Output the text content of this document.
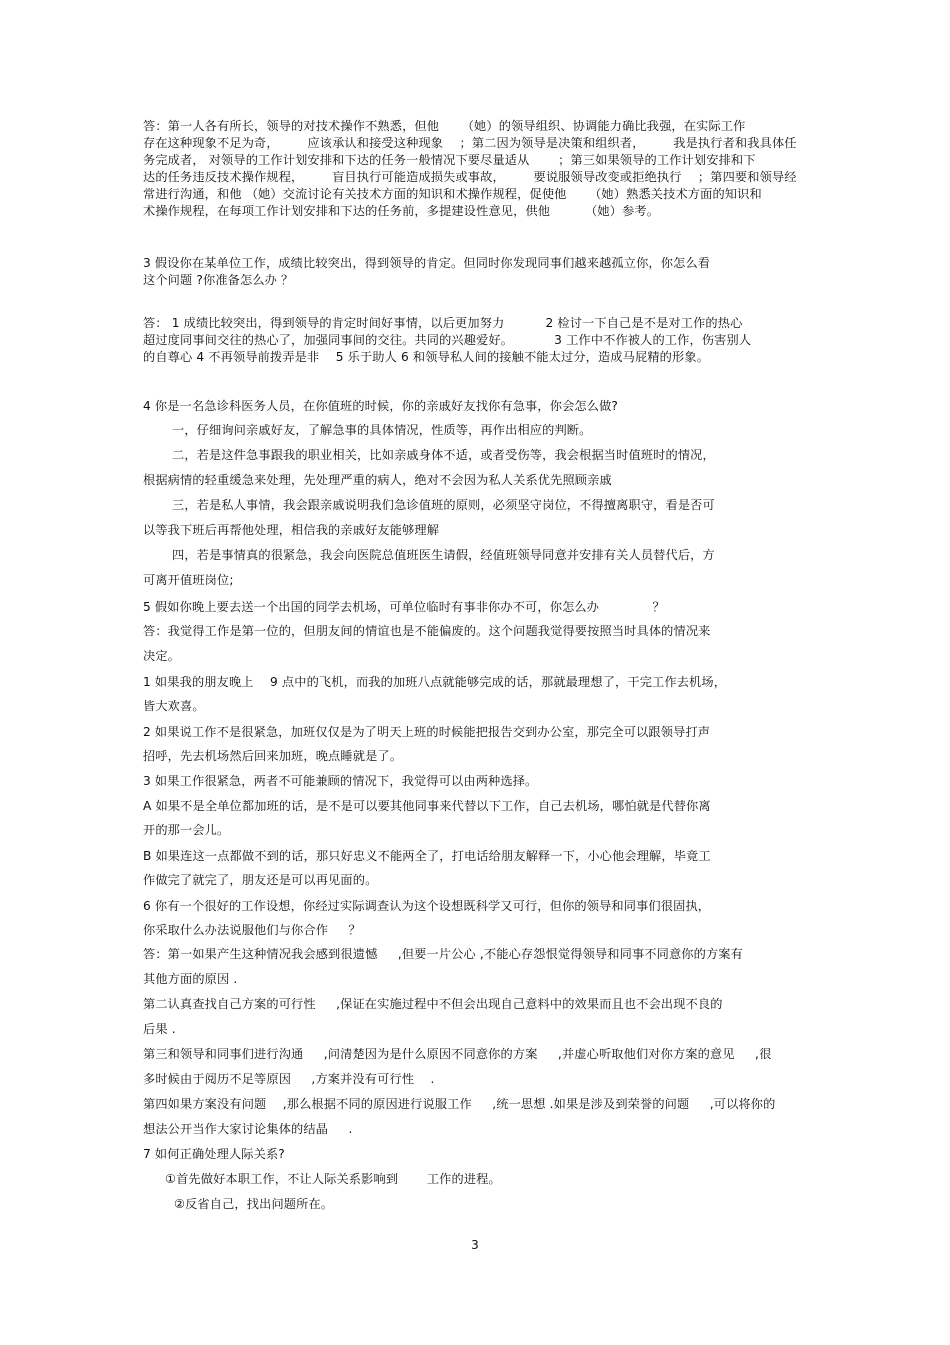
答：第一人各有所长，领导的对技术操作不熟悉，但他 　　（她）的领导组织、协调能力确比我强，在实际工作
存在这种现象不足为奇， 　　应该承认和接受这种现象 　；第二因为领导是决策和组织者， 　　我是执行者和我具体任
务完成者， 对领导的工作计划安排和下达的任务一般情况下要尽量适从 　　；第三如果领导的工作计划安排和下
达的任务违反技术操作规程， 　　盲目执行可能造成损失或事故， 　　要说服领导改变或拒绝执行 　；第四要和领导经
常进行沟通，和他 （她）交流讨论有关技术方面的知识和术操作规程，促使他 　　（她）熟悉关技术方面的知识和
术操作规程，在每项工作计划安排和下达的任务前，多提建设性意见，供他 　　　（她）参考。
3 假设你在某单位工作，成绩比较突出，得到领导的肯定。但同时你发现同事们越来越孤立你，你怎么看
这个问题 ?你准备怎么办 ？
答： 1 成绩比较突出，得到领导的肯定时间好事情，以后更加努力 　　　2 检讨一下自己是不是对工作的热心
超过度同事间交往的热心了，加强同事间的交往。共同的兴趣爱好。 　　　3 工作中不作被人的工作，伤害别人
的自尊心 4 不再领导前拨弄是非 　5 乐于助人 6 和领导私人间的接触不能太过分，造成马屁精的形象。
4 你是一名急诊科医务人员，在你值班的时候，你的亲戚好友找你有急事，你会怎么做?
一，仔细询问亲戚好友，了解急事的具体情况，性质等，再作出相应的判断。
二，若是这件急事跟我的职业相关，比如亲戚身体不适，或者受伤等，我会根据当时值班时的情况，
根据病情的轻重缓急来处理，先处理严重的病人，绝对不会因为私人关系优先照顾亲戚
三，若是私人事情，我会跟亲戚说明我们急诊值班的原则，必须坚守岗位，不得擅离职守，看是否可
以等我下班后再帮他处理，相信我的亲戚好友能够理解
四，若是事情真的很紧急，我会向医院总值班医生请假，经值班领导同意并安排有关人员替代后，方
可离开值班岗位;
5 假如你晚上要去送一个出国的同学去机场，可单位临时有事非你办不可，你怎么办 　　　　？
答：我觉得工作是第一位的，但朋友间的情谊也是不能偏废的。这个问题我觉得要按照当时具体的情况来
决定。
1 如果我的朋友晚上 　9 点中的飞机，而我的加班八点就能够完成的话，那就最理想了，干完工作去机场，
皆大欢喜。
2 如果说工作不是很紧急，加班仅仅是为了明天上班的时候能把报告交到办公室，那完全可以跟领导打声
招呼，先去机场然后回来加班，晚点睡就是了。
3 如果工作很紧急，两者不可能兼顾的情况下，我觉得可以由两种选择。
A 如果不是全单位都加班的话，是不是可以要其他同事来代替以下工作，自己去机场，哪怕就是代替你离
开的那一会儿。
B 如果连这一点都做不到的话，那只好忠义不能两全了，打电话给朋友解释一下，小心他会理解，毕竟工
作做完了就完了，朋友还是可以再见面的。
6 你有一个很好的工作设想，你经过实际调查认为这个设想既科学又可行，但你的领导和同事们很固执，
你采取什么办法说服他们与你合作 　 ？
答：第一如果产生这种情况我会感到很遗憾 　 ,但要一片公心 ,不能心存怨恨觉得领导和同事不同意你的方案有
其他方面的原因 .
第二认真查找自己方案的可行性 　 ,保证在实施过程中不但会出现自己意料中的效果而且也不会出现不良的
后果 .
第三和领导和同事们进行沟通 　 ,问清楚因为是什么原因不同意你的方案 　 ,并虚心听取他们对你方案的意见 　 ,很
多时候由于阅历不足等原因 　 ,方案并没有可行性 　.
第四如果方案没有问题 　,那么根据不同的原因进行说服工作 　 ,统一思想 .如果是涉及到荣誉的问题 　 ,可以将你的
想法公开当作大家讨论集体的结晶 　 .
7 如何正确处理人际关系?
①首先做好本职工作，不让人际关系影响到 　　工作的进程。
②反省自己，找出问题所在。
3
